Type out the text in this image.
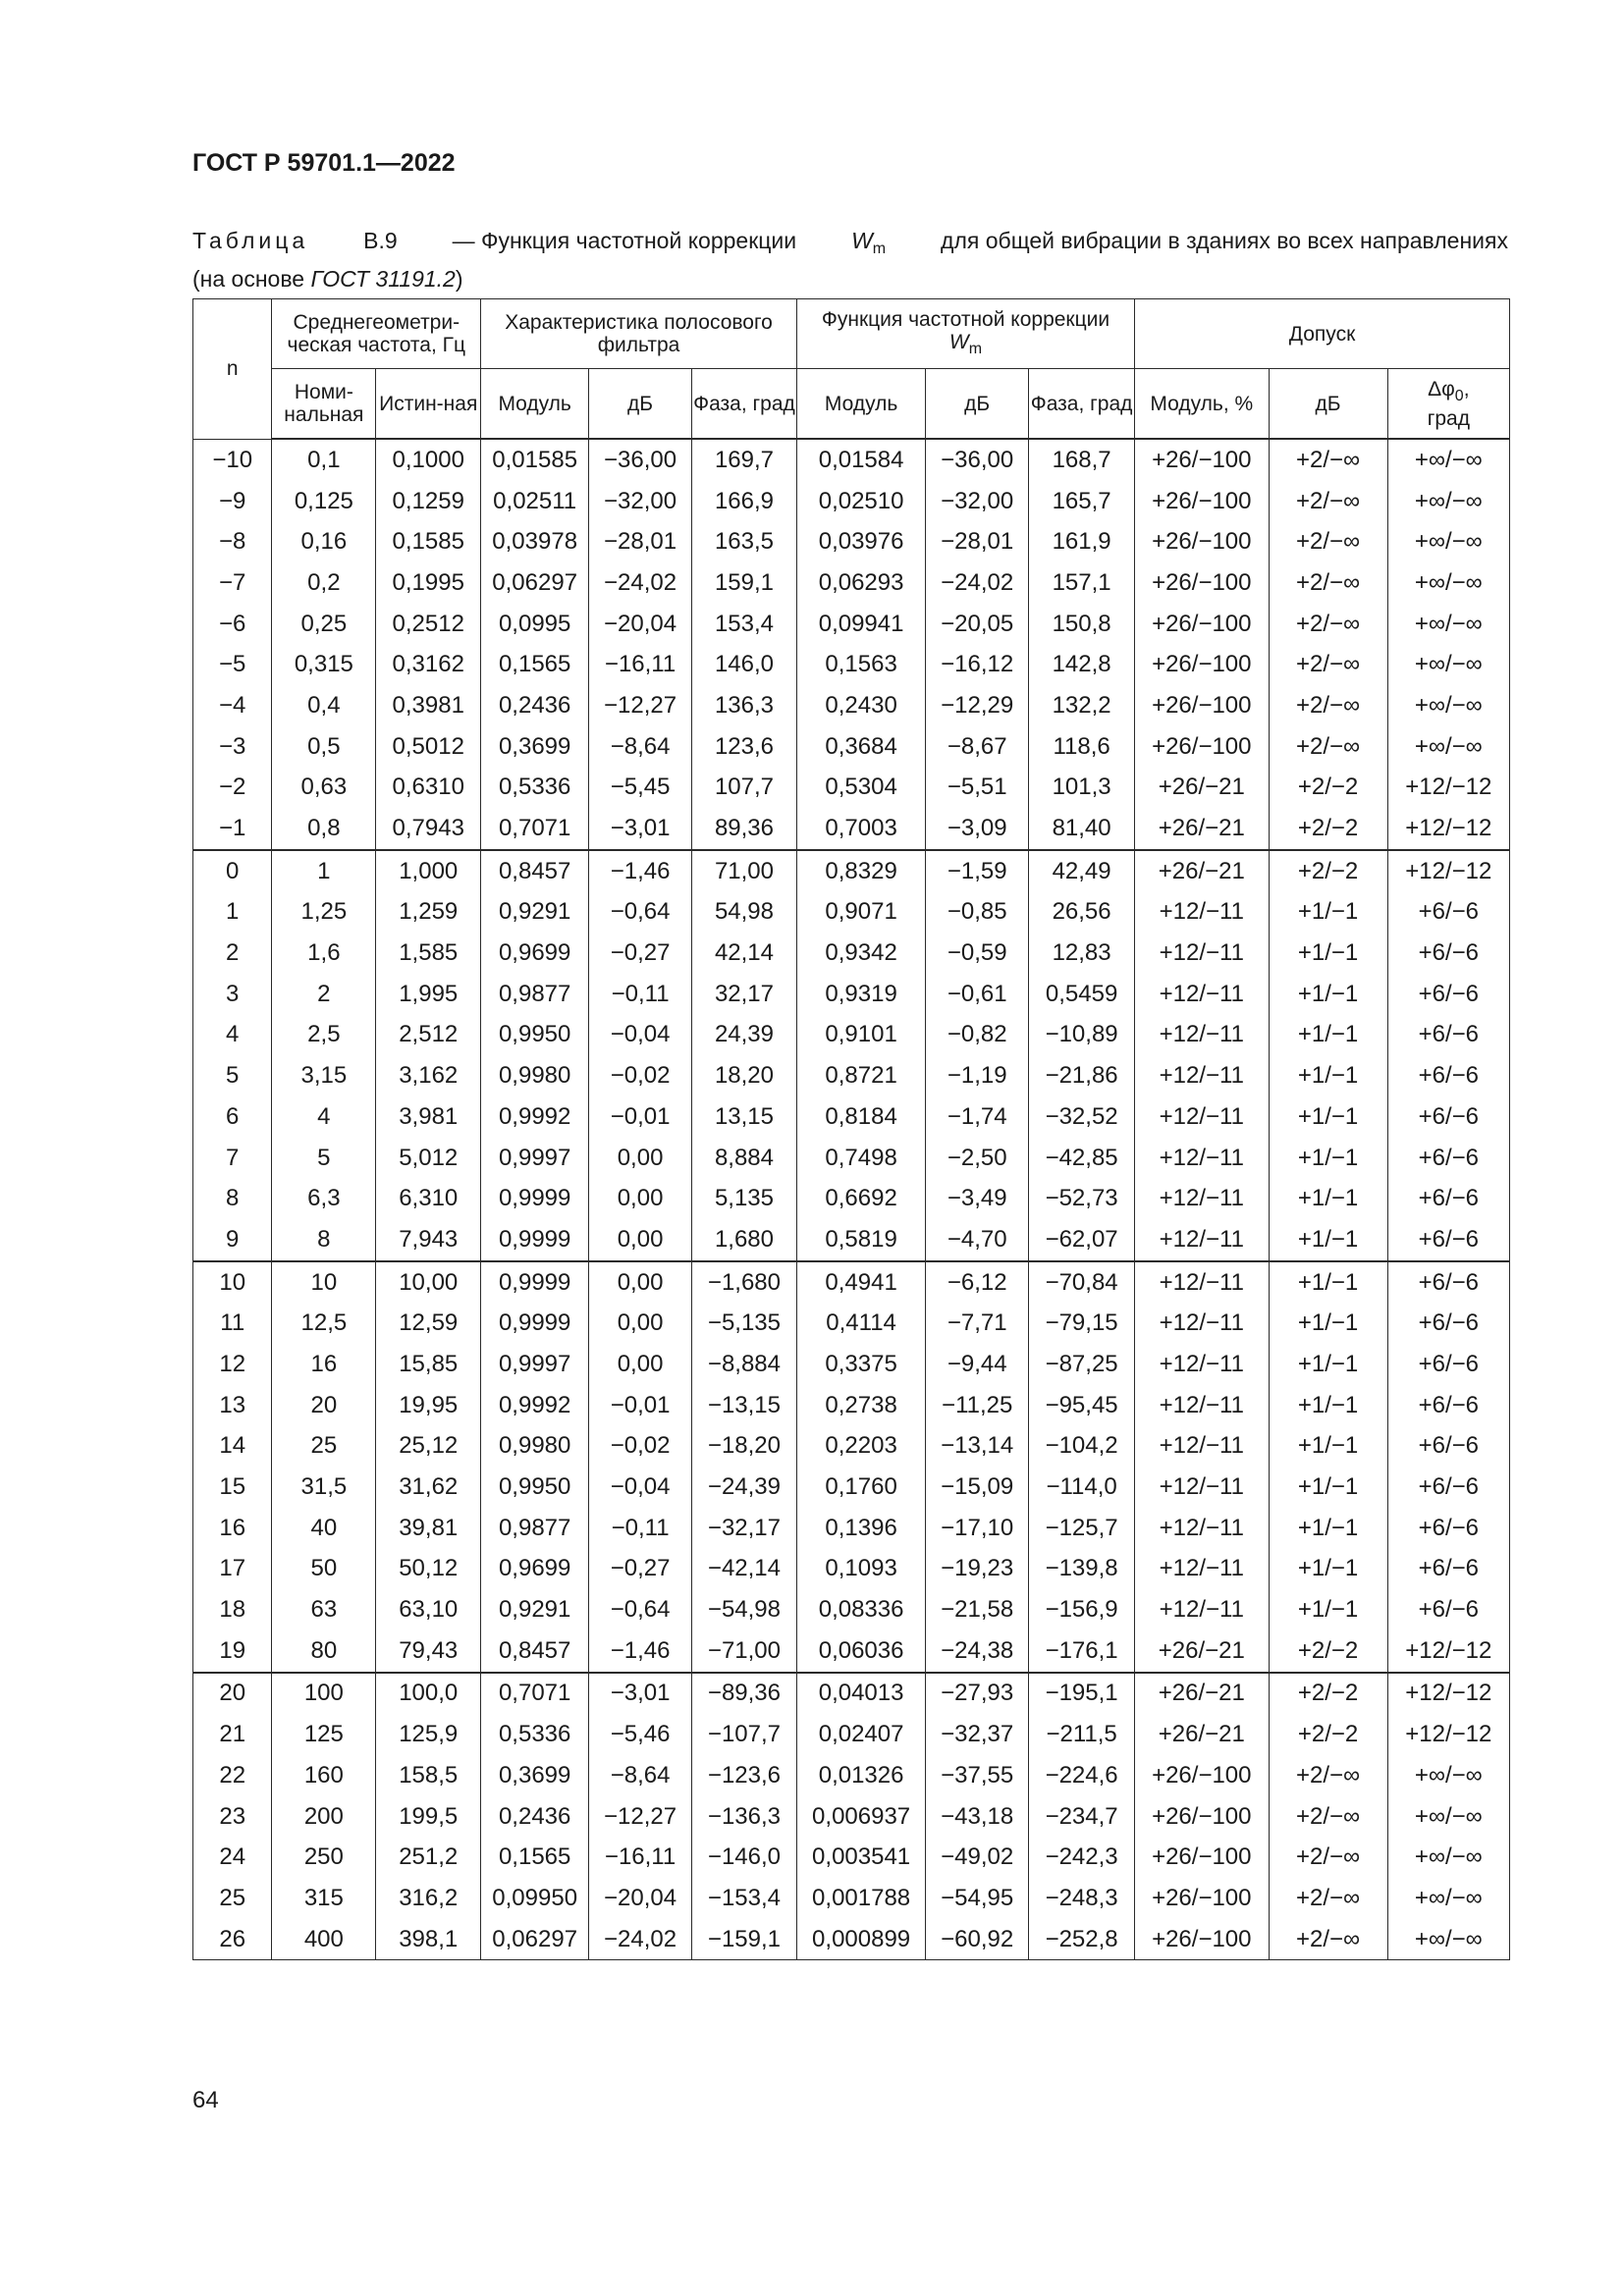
ГОСТ Р 59701.1—2022
Таблица В.9 — Функция частотной коррекции $W_m$ для общей вибрации в зданиях во всех направлениях
(на основе ГОСТ 31191.2)
n	Среднегеометри-ческая частота, Гц		Характеристика полосового фильтра			Функция частотной коррекции
$W_m$			Допуск		
	Номи-нальная	Истин-ная	Модуль	дБ	Фаза, град	Модуль	дБ	Фаза, град	Модуль, %	дБ	$\Delta\varphi_0$,
град
−10	0,1	0,1000	0,01585	−36,00	169,7	0,01584	−36,00	168,7	+26/−100	+2/−∞	+∞/−∞
−9	0,125	0,1259	0,02511	−32,00	166,9	0,02510	−32,00	165,7	+26/−100	+2/−∞	+∞/−∞
−8	0,16	0,1585	0,03978	−28,01	163,5	0,03976	−28,01	161,9	+26/−100	+2/−∞	+∞/−∞
−7	0,2	0,1995	0,06297	−24,02	159,1	0,06293	−24,02	157,1	+26/−100	+2/−∞	+∞/−∞
−6	0,25	0,2512	0,0995	−20,04	153,4	0,09941	−20,05	150,8	+26/−100	+2/−∞	+∞/−∞
−5	0,315	0,3162	0,1565	−16,11	146,0	0,1563	−16,12	142,8	+26/−100	+2/−∞	+∞/−∞
−4	0,4	0,3981	0,2436	−12,27	136,3	0,2430	−12,29	132,2	+26/−100	+2/−∞	+∞/−∞
−3	0,5	0,5012	0,3699	−8,64	123,6	0,3684	−8,67	118,6	+26/−100	+2/−∞	+∞/−∞
−2	0,63	0,6310	0,5336	−5,45	107,7	0,5304	−5,51	101,3	+26/−21	+2/−2	+12/−12
−1	0,8	0,7943	0,7071	−3,01	89,36	0,7003	−3,09	81,40	+26/−21	+2/−2	+12/−12
0	1	1,000	0,8457	−1,46	71,00	0,8329	−1,59	42,49	+26/−21	+2/−2	+12/−12
1	1,25	1,259	0,9291	−0,64	54,98	0,9071	−0,85	26,56	+12/−11	+1/−1	+6/−6
2	1,6	1,585	0,9699	−0,27	42,14	0,9342	−0,59	12,83	+12/−11	+1/−1	+6/−6
3	2	1,995	0,9877	−0,11	32,17	0,9319	−0,61	0,5459	+12/−11	+1/−1	+6/−6
4	2,5	2,512	0,9950	−0,04	24,39	0,9101	−0,82	−10,89	+12/−11	+1/−1	+6/−6
5	3,15	3,162	0,9980	−0,02	18,20	0,8721	−1,19	−21,86	+12/−11	+1/−1	+6/−6
6	4	3,981	0,9992	−0,01	13,15	0,8184	−1,74	−32,52	+12/−11	+1/−1	+6/−6
7	5	5,012	0,9997	0,00	8,884	0,7498	−2,50	−42,85	+12/−11	+1/−1	+6/−6
8	6,3	6,310	0,9999	0,00	5,135	0,6692	−3,49	−52,73	+12/−11	+1/−1	+6/−6
9	8	7,943	0,9999	0,00	1,680	0,5819	−4,70	−62,07	+12/−11	+1/−1	+6/−6
10	10	10,00	0,9999	0,00	−1,680	0,4941	−6,12	−70,84	+12/−11	+1/−1	+6/−6
11	12,5	12,59	0,9999	0,00	−5,135	0,4114	−7,71	−79,15	+12/−11	+1/−1	+6/−6
12	16	15,85	0,9997	0,00	−8,884	0,3375	−9,44	−87,25	+12/−11	+1/−1	+6/−6
13	20	19,95	0,9992	−0,01	−13,15	0,2738	−11,25	−95,45	+12/−11	+1/−1	+6/−6
14	25	25,12	0,9980	−0,02	−18,20	0,2203	−13,14	−104,2	+12/−11	+1/−1	+6/−6
15	31,5	31,62	0,9950	−0,04	−24,39	0,1760	−15,09	−114,0	+12/−11	+1/−1	+6/−6
16	40	39,81	0,9877	−0,11	−32,17	0,1396	−17,10	−125,7	+12/−11	+1/−1	+6/−6
17	50	50,12	0,9699	−0,27	−42,14	0,1093	−19,23	−139,8	+12/−11	+1/−1	+6/−6
18	63	63,10	0,9291	−0,64	−54,98	0,08336	−21,58	−156,9	+12/−11	+1/−1	+6/−6
19	80	79,43	0,8457	−1,46	−71,00	0,06036	−24,38	−176,1	+26/−21	+2/−2	+12/−12
20	100	100,0	0,7071	−3,01	−89,36	0,04013	−27,93	−195,1	+26/−21	+2/−2	+12/−12
21	125	125,9	0,5336	−5,46	−107,7	0,02407	−32,37	−211,5	+26/−21	+2/−2	+12/−12
22	160	158,5	0,3699	−8,64	−123,6	0,01326	−37,55	−224,6	+26/−100	+2/−∞	+∞/−∞
23	200	199,5	0,2436	−12,27	−136,3	0,006937	−43,18	−234,7	+26/−100	+2/−∞	+∞/−∞
24	250	251,2	0,1565	−16,11	−146,0	0,003541	−49,02	−242,3	+26/−100	+2/−∞	+∞/−∞
25	315	316,2	0,09950	−20,04	−153,4	0,001788	−54,95	−248,3	+26/−100	+2/−∞	+∞/−∞
26	400	398,1	0,06297	−24,02	−159,1	0,000899	−60,92	−252,8	+26/−100	+2/−∞	+∞/−∞
64
